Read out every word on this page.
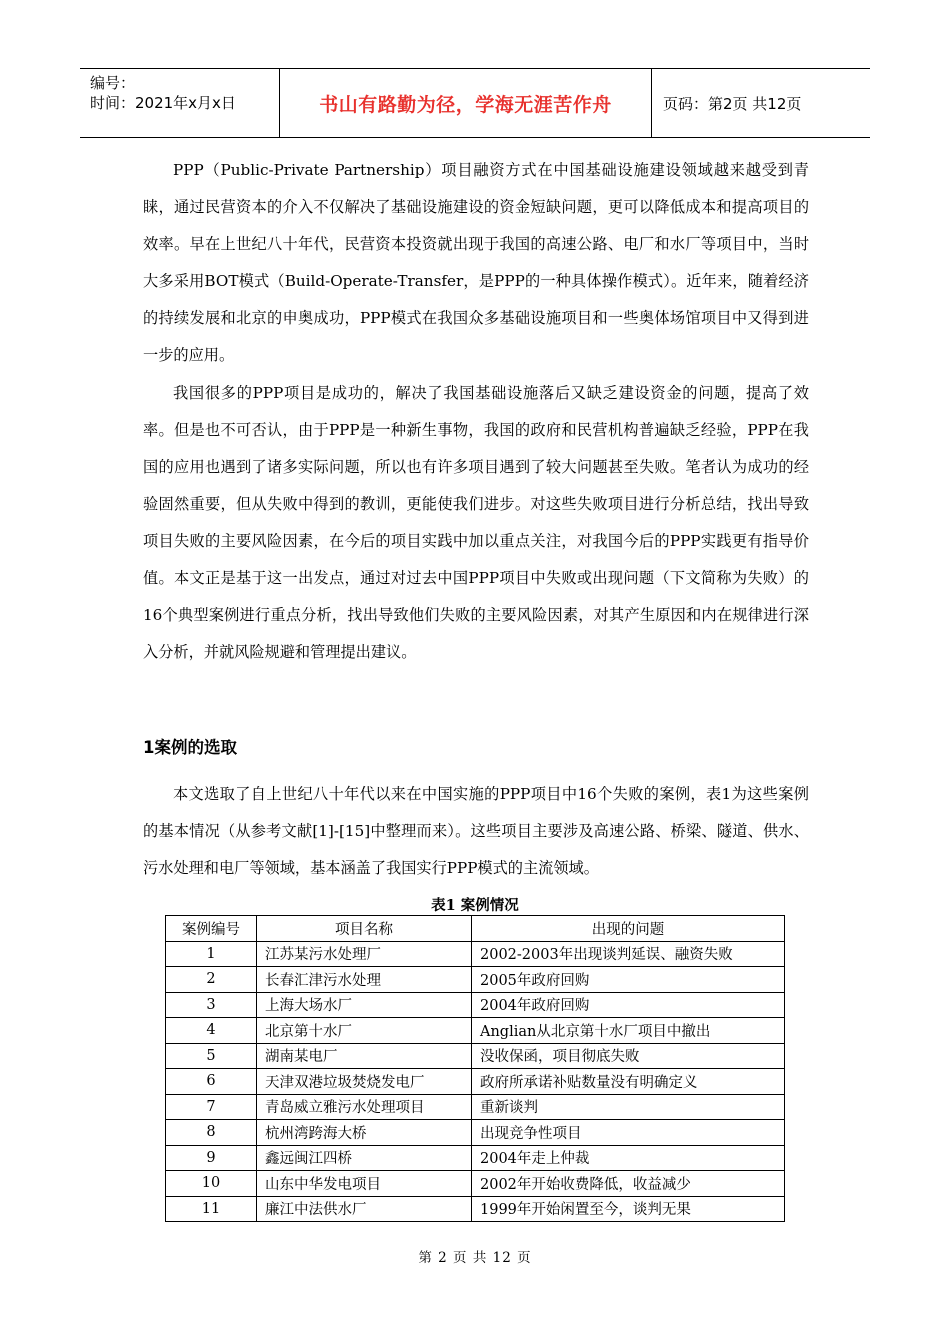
编号：
时间：2021年x月x日	书山有路勤为径，学海无涯苦作舟	页码：第2页 共12页

PPP（Public-Private Partnership）项目融资方式在中国基础设施建设领域越来越受到青睐，通过民营资本的介入不仅解决了基础设施建设的资金短缺问题，更可以降低成本和提高项目的效率。早在上世纪八十年代，民营资本投资就出现于我国的高速公路、电厂和水厂等项目中，当时大多采用BOT模式（Build-Operate-Transfer，是PPP的一种具体操作模式）。近年来，随着经济的持续发展和北京的申奥成功，PPP模式在我国众多基础设施项目和一些奥体场馆项目中又得到进一步的应用。

我国很多的PPP项目是成功的，解决了我国基础设施落后又缺乏建设资金的问题，提高了效率。但是也不可否认，由于PPP是一种新生事物，我国的政府和民营机构普遍缺乏经验，PPP在我国的应用也遇到了诸多实际问题，所以也有许多项目遇到了较大问题甚至失败。笔者认为成功的经验固然重要，但从失败中得到的教训，更能使我们进步。对这些失败项目进行分析总结，找出导致项目失败的主要风险因素，在今后的项目实践中加以重点关注，对我国今后的PPP实践更有指导价值。本文正是基于这一出发点，通过对过去中国PPP项目中失败或出现问题（下文简称为失败）的16个典型案例进行重点分析，找出导致他们失败的主要风险因素，对其产生原因和内在规律进行深入分析，并就风险规避和管理提出建议。

1案例的选取

本文选取了自上世纪八十年代以来在中国实施的PPP项目中16个失败的案例，表1为这些案例的基本情况（从参考文献[1]-[15]中整理而来）。这些项目主要涉及高速公路、桥梁、隧道、供水、污水处理和电厂等领域，基本涵盖了我国实行PPP模式的主流领域。

表1 案例情况
案例编号	项目名称	出现的问题
1	江苏某污水处理厂	2002-2003年出现谈判延误、融资失败
2	长春汇津污水处理	2005年政府回购
3	上海大场水厂	2004年政府回购
4	北京第十水厂	Anglian从北京第十水厂项目中撤出
5	湖南某电厂	没收保函，项目彻底失败
6	天津双港垃圾焚烧发电厂	政府所承诺补贴数量没有明确定义
7	青岛威立雅污水处理项目	重新谈判
8	杭州湾跨海大桥	出现竞争性项目
9	鑫远闽江四桥	2004年走上仲裁
10	山东中华发电项目	2002年开始收费降低，收益减少
11	廉江中法供水厂	1999年开始闲置至今，谈判无果
第 2 页 共 12 页
